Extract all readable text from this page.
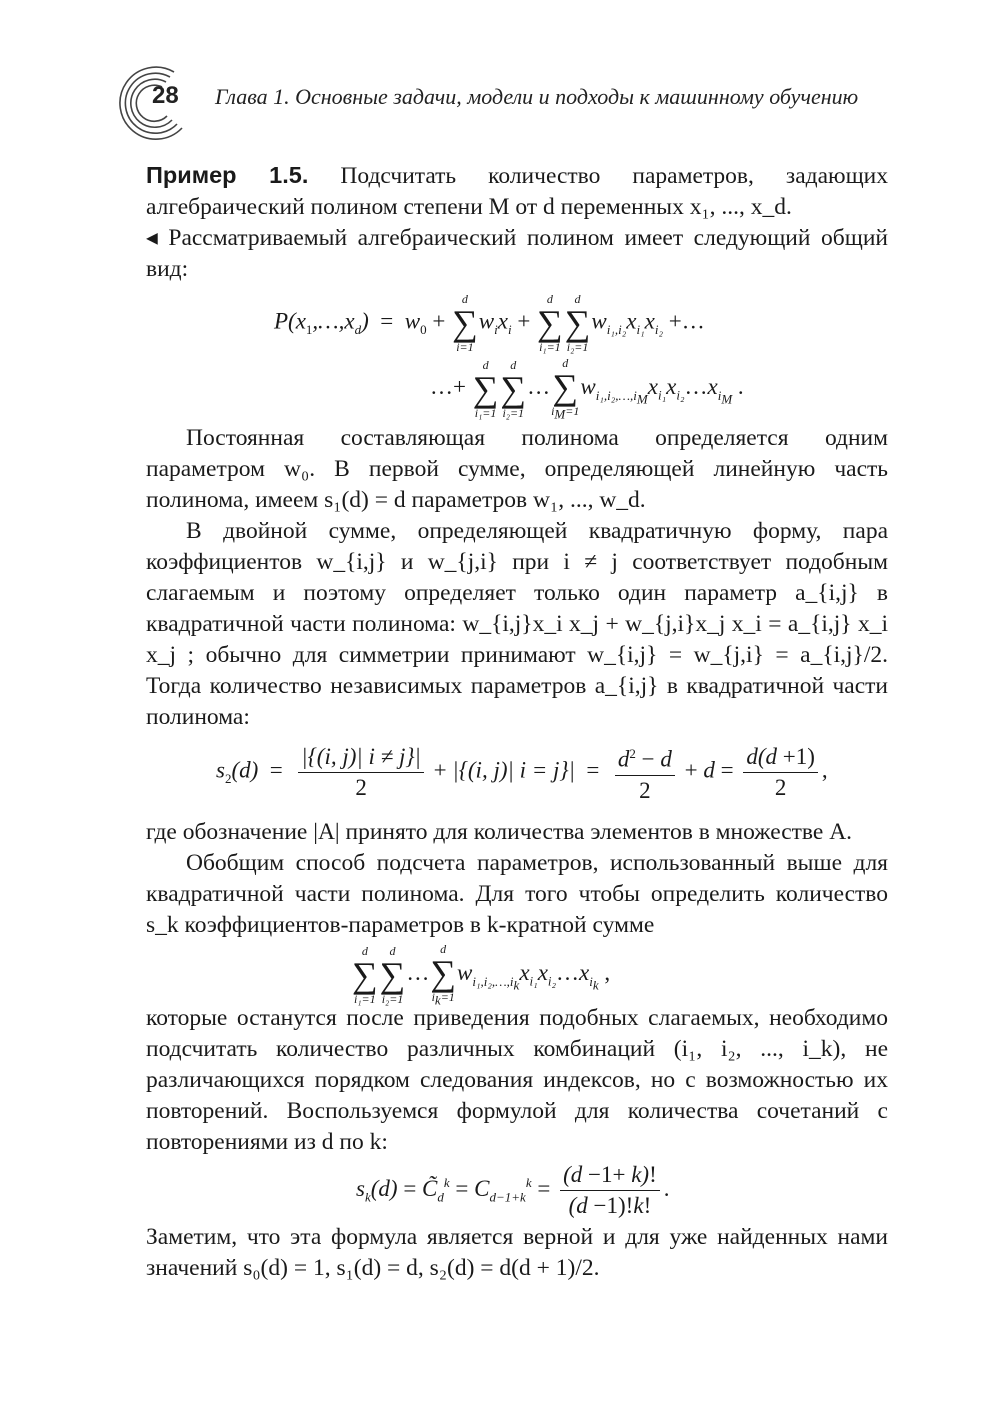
28 Глава 1. Основные задачи, модели и подходы к машинному обучению

Пример 1.5. Подсчитать количество параметров, задающих алгебраический полином степени M от d переменных x₁, ..., x_d.

◂ Рассматриваемый алгебраический полином имеет следующий общий вид:

$P(x_1,\dots,x_d) = w_0$ +
d
∑
i=1
$w_ix_i$ +
d
∑
i₁=1
d
∑
i₂=1
$w_{i_1,i_2}x_{i_1}x_{i_2}$ +…
…+
d
∑
i₁=1
d
∑
i₂=1
…
d
∑
$i_M=1$
$w_{i_1,i_2,\dots,i_M}x_{i_1}x_{i_2}\dots x_{i_M}$ .

Постоянная составляющая полинома определяется одним параметром w₀. В первой сумме, определяющей линейную часть полинома, имеем s₁(d) = d параметров w₁, ..., w_d.

В двойной сумме, определяющей квадратичную форму, пара коэффициентов w_{i,j} и w_{j,i} при i ≠ j соответствует подобным слагаемым и поэтому определяет только один параметр a_{i,j} в квадратичной части полинома: w_{i,j}x_i x_j + w_{j,i}x_j x_i = a_{i,j} x_i x_j ; обычно для симметрии принимают w_{i,j} = w_{j,i} = a_{i,j}/2. Тогда количество независимых параметров a_{i,j} в квадратичной части полинома:

$s_2(d) = \frac{|\{(i, j)| i \ne j\}|}{2} + |\{(i$, j)| $i = j\}| = \frac{d^2 - d}{2} + d = \frac{d(d +1)}{2}$ ,

где обозначение |A| принято для количества элементов в множестве A.

Обобщим способ подсчета параметров, использованный выше для квадратичной части полинома. Для того чтобы определить количество s_k коэффициентов-параметров в k-кратной сумме

d
∑
i₁=1
d
∑
i₂=1
…
d
∑
$i_k=1$
$w_{i_1,i_2,\dots,i_k}x_{i_1}x_{i_2}\dots x_{i_k}$ ,

которые останутся после приведения подобных слагаемых, необходимо подсчитать количество различных комбинаций (i₁, i₂, ..., i_k), не различающихся порядком следования индексов, но с возможностью их повторений. Воспользуемся формулой для количества сочетаний с повторениями из d по k:

$s_k(d)$ = $C̃_d^k = C_{d-1+k}^k = \frac{(d -1+ k)!}{(d -1)!k!}$ .

Заметим, что эта формула является верной и для уже найденных нами значений s₀(d) = 1, s₁(d) = d, s₂(d) = d(d + 1)/2.
